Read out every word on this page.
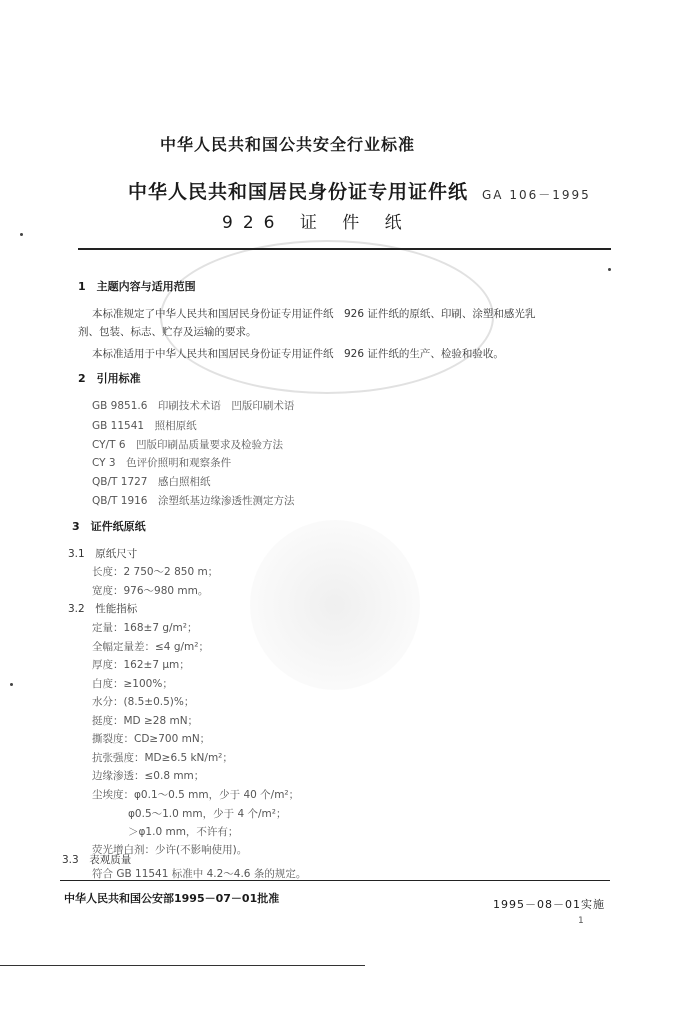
中华人民共和国公共安全行业标准
中华人民共和国居民身份证专用证件纸
926 证 件 纸
GA 106－1995
1　主题内容与适用范围
本标准规定了中华人民共和国居民身份证专用证件纸　926 证件纸的原纸、印刷、涂塑和感光乳
剂、包装、标志、贮存及运输的要求。
本标准适用于中华人民共和国居民身份证专用证件纸　926 证件纸的生产、检验和验收。
2　引用标准
GB 9851.6　印刷技术术语　凹版印刷术语
GB 11541　照相原纸
CY/T 6　凹版印刷品质量要求及检验方法
CY 3　色评价照明和观察条件
QB/T 1727　感白照相纸
QB/T 1916　涂塑纸基边缘渗透性测定方法
3　证件纸原纸
3.1　原纸尺寸
长度：2 750～2 850 m；
宽度：976～980 mm。
3.2　性能指标
定量：168±7 g/m²；
全幅定量差：≤4 g/m²；
厚度：162±7 μm；
白度：≥100%；
水分：(8.5±0.5)%；
挺度：MD ≥28 mN；
撕裂度：CD≥700 mN；
抗张强度：MD≥6.5 kN/m²；
边缘渗透：≤0.8 mm；
尘埃度：φ0.1～0.5 mm，少于 40 个/m²；
φ0.5～1.0 mm，少于 4 个/m²；
＞φ1.0 mm，不许有；
荧光增白剂：少许(不影响使用)。
3.3　表观质量
符合 GB 11541 标准中 4.2～4.6 条的规定。
中华人民共和国公安部1995－07－01批准	1995－08－01实施
1
